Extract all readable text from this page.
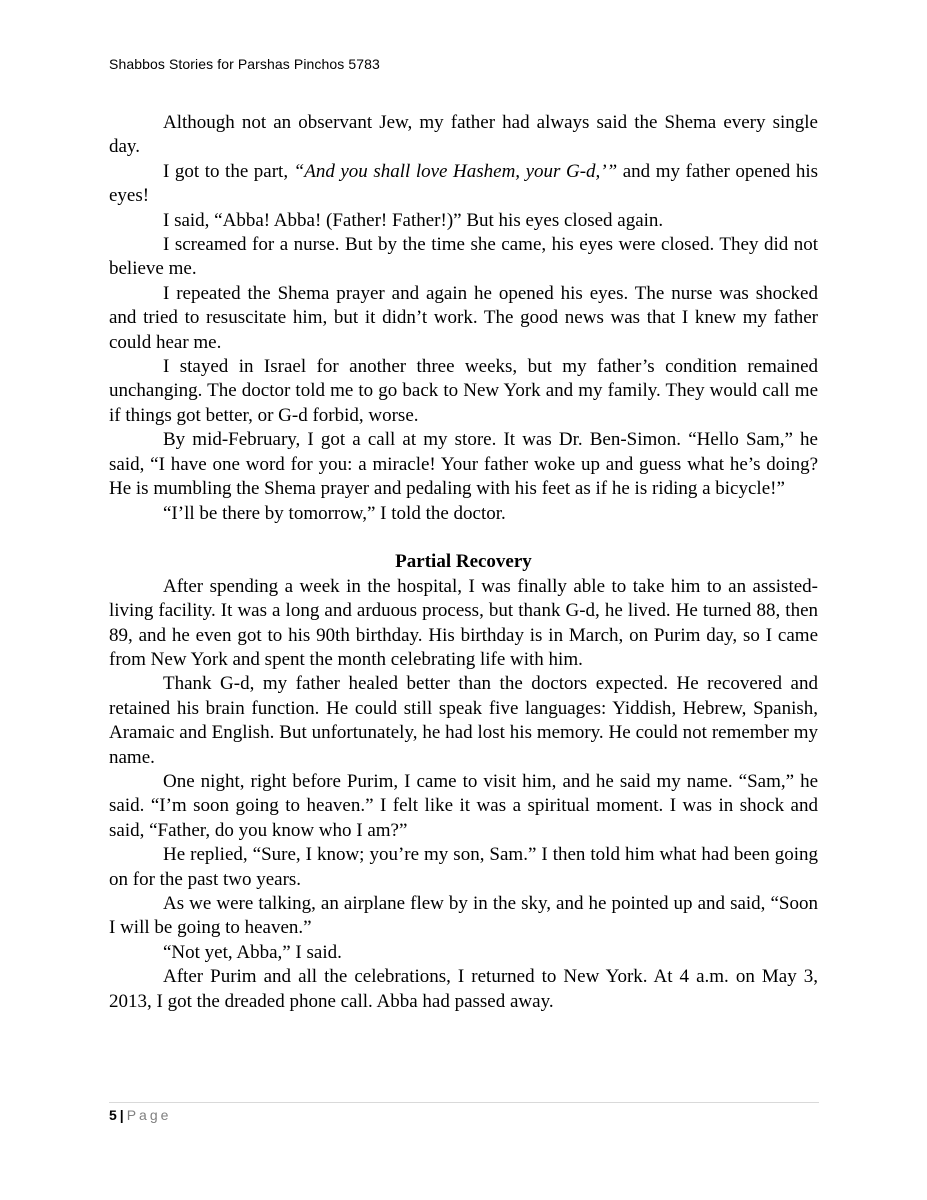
Shabbos Stories for Parshas Pinchos 5783

Although not an observant Jew, my father had always said the Shema every single day.

I got to the part, “And you shall love Hashem, your G-d,’” and my father opened his eyes!

I said, “Abba! Abba! (Father! Father!)” But his eyes closed again.

I screamed for a nurse. But by the time she came, his eyes were closed. They did not believe me.

I repeated the Shema prayer and again he opened his eyes. The nurse was shocked and tried to resuscitate him, but it didn’t work. The good news was that I knew my father could hear me.

I stayed in Israel for another three weeks, but my father’s condition remained unchanging. The doctor told me to go back to New York and my family. They would call me if things got better, or G-d forbid, worse.

By mid-February, I got a call at my store. It was Dr. Ben-Simon. “Hello Sam,” he said, “I have one word for you: a miracle! Your father woke up and guess what he’s doing? He is mumbling the Shema prayer and pedaling with his feet as if he is riding a bicycle!”

“I’ll be there by tomorrow,” I told the doctor.

Partial Recovery

After spending a week in the hospital, I was finally able to take him to an assisted-living facility. It was a long and arduous process, but thank G-d, he lived. He turned 88, then 89, and he even got to his 90th birthday. His birthday is in March, on Purim day, so I came from New York and spent the month celebrating life with him.

Thank G-d, my father healed better than the doctors expected. He recovered and retained his brain function. He could still speak five languages: Yiddish, Hebrew, Spanish, Aramaic and English. But unfortunately, he had lost his memory. He could not remember my name.

One night, right before Purim, I came to visit him, and he said my name. “Sam,” he said. “I’m soon going to heaven.” I felt like it was a spiritual moment. I was in shock and said, “Father, do you know who I am?”

He replied, “Sure, I know; you’re my son, Sam.” I then told him what had been going on for the past two years.

As we were talking, an airplane flew by in the sky, and he pointed up and said, “Soon I will be going to heaven.”

“Not yet, Abba,” I said.

After Purim and all the celebrations, I returned to New York. At 4 a.m. on May 3, 2013, I got the dreaded phone call. Abba had passed away.

5 | Page
